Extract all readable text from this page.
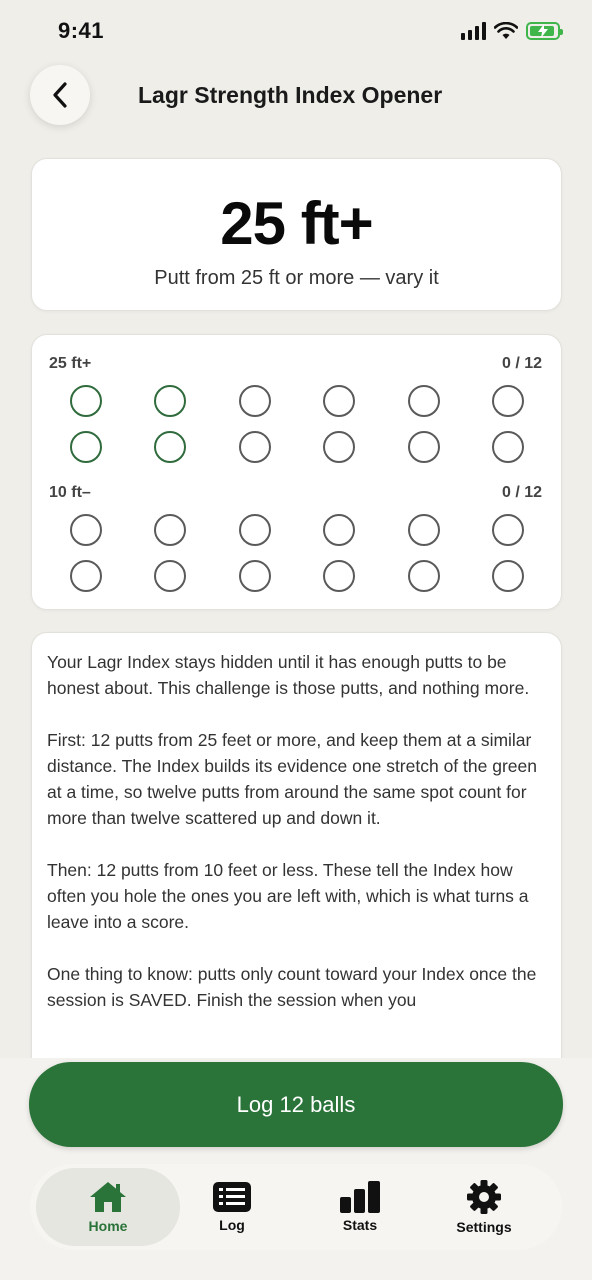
9:41
Lagr Strength Index Opener
25 ft+
Putt from 25 ft or more — vary it
25 ft+	0 / 12
10 ft–	0 / 12

Your Lagr Index stays hidden until it has enough putts to be honest about. This challenge is those putts, and nothing more.

First: 12 putts from 25 feet or more, and keep them at a similar distance. The Index builds its evidence one stretch of the green at a time, so twelve putts from around the same spot count for more than twelve scattered up and down it.

Then: 12 putts from 10 feet or less. These tell the Index how often you hole the ones you are left with, which is what turns a leave into a score.

One thing to know: putts only count toward your Index once the session is SAVED. Finish the session when you

Log 12 balls
Home	Log	Stats	Settings
